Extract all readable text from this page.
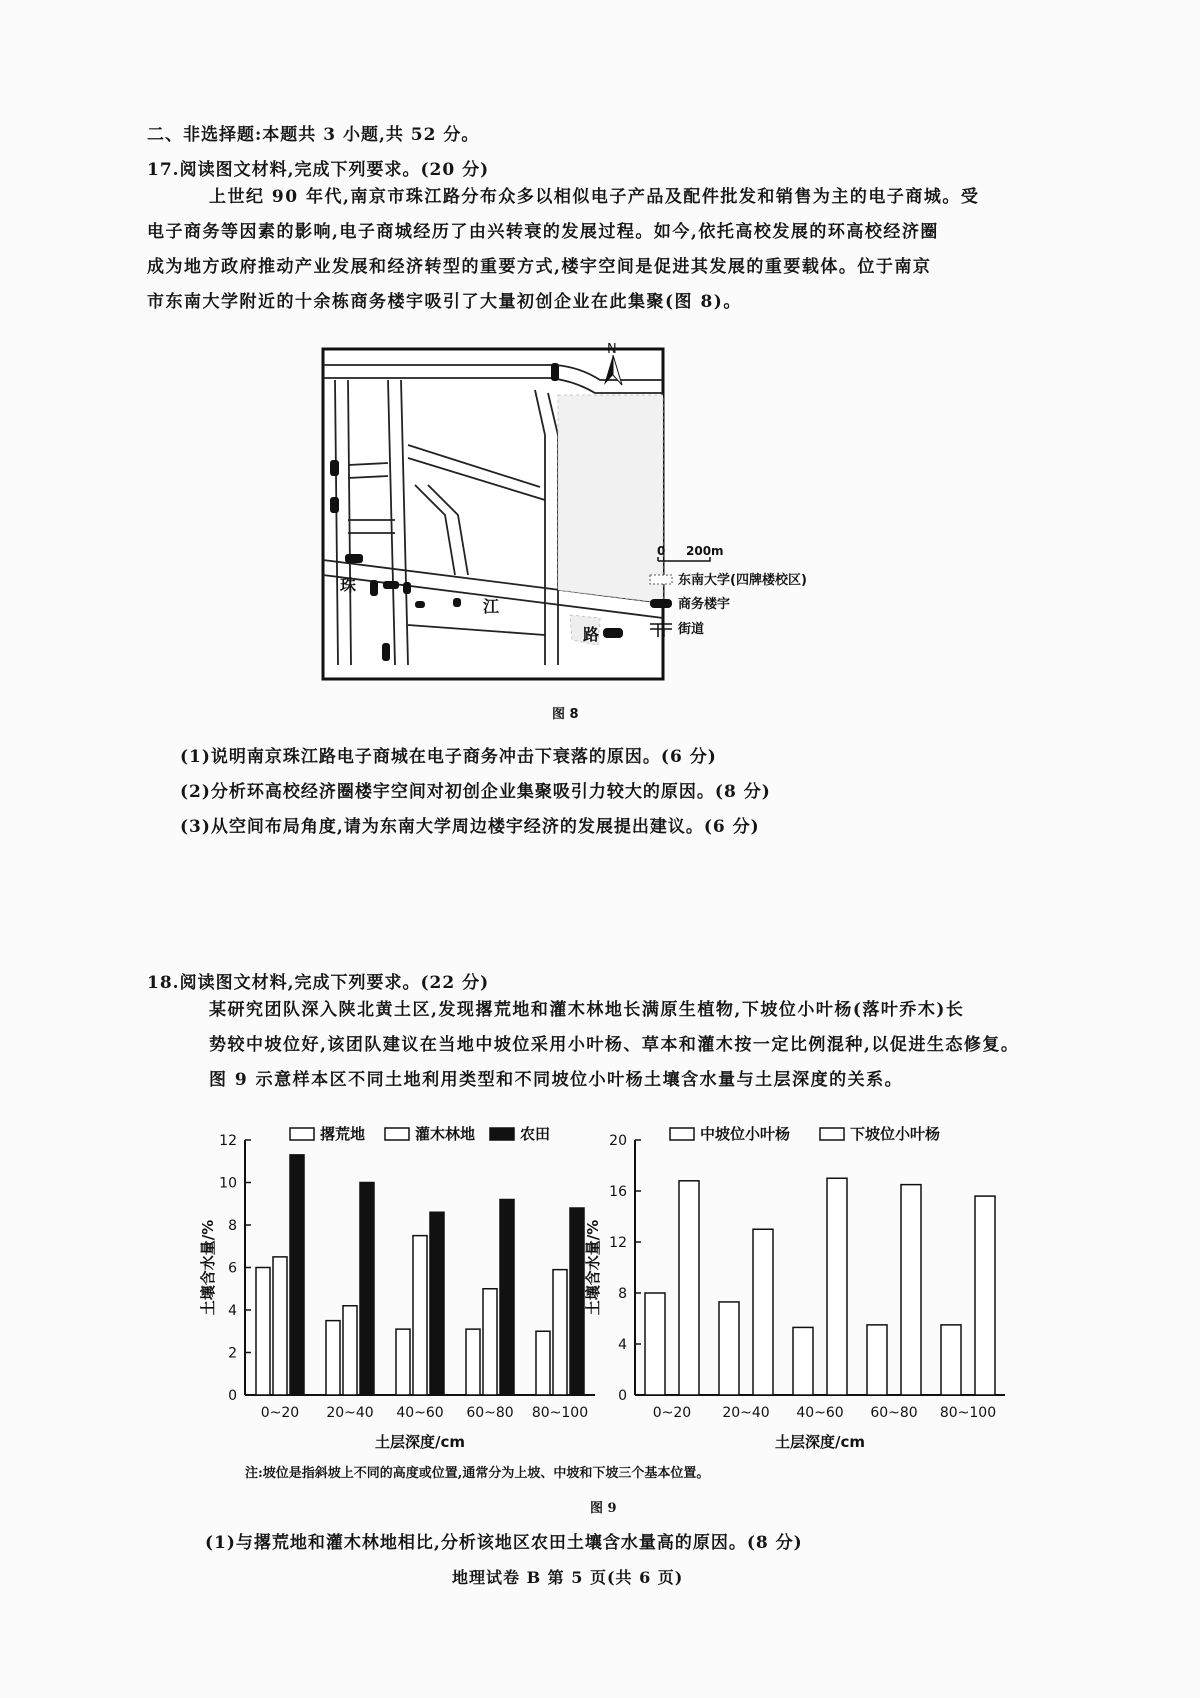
二、非选择题:本题共 3 小题,共 52 分。
17.阅读图文材料,完成下列要求。(20 分)
上世纪 90 年代,南京市珠江路分布众多以相似电子产品及配件批发和销售为主的电子商城。受
电子商务等因素的影响,电子商城经历了由兴转衰的发展过程。如今,依托高校发展的环高校经济圈
成为地方政府推动产业发展和经济转型的重要方式,楼宇空间是促进其发展的重要载体。位于南京
市东南大学附近的十余栋商务楼宇吸引了大量初创企业在此集聚(图 8)。
N
珠
江
路
0 200m
东南大学(四牌楼校区)
商务楼宇
街道
图 8
(1)说明南京珠江路电子商城在电子商务冲击下衰落的原因。(6 分)
(2)分析环高校经济圈楼宇空间对初创企业集聚吸引力较大的原因。(8 分)
(3)从空间布局角度,请为东南大学周边楼宇经济的发展提出建议。(6 分)
18.阅读图文材料,完成下列要求。(22 分)
某研究团队深入陕北黄土区,发现撂荒地和灌木林地长满原生植物,下坡位小叶杨(落叶乔木)长
势较中坡位好,该团队建议在当地中坡位采用小叶杨、草本和灌木按一定比例混种,以促进生态修复。
图 9 示意样本区不同土地利用类型和不同坡位小叶杨土壤含水量与土层深度的关系。
撂荒地	灌木林地	农田
0
2
4
6
8
10
12
0~20 20~40 40~60 60~80 80~100
土层深度/cm
土壤含水量/%
中坡位小叶杨	下坡位小叶杨
0
4
8
12
16
20
0~20 20~40 40~60 60~80 80~100
土层深度/cm
土壤含水量/%
注:坡位是指斜坡上不同的高度或位置,通常分为上坡、中坡和下坡三个基本位置。
图 9
(1)与撂荒地和灌木林地相比,分析该地区农田土壤含水量高的原因。(8 分)
地理试卷 B 第 5 页(共 6 页)
